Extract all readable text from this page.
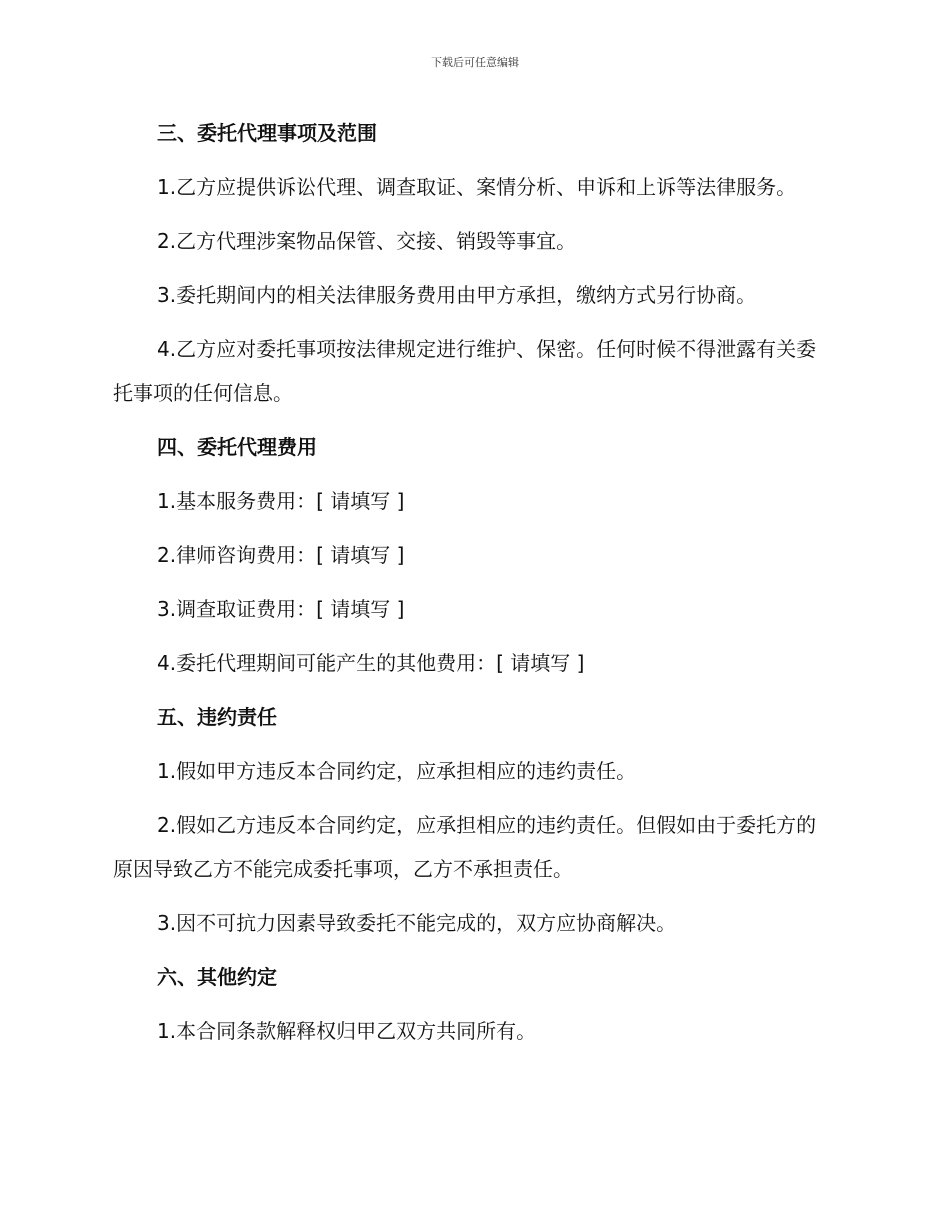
下载后可任意编辑

三、委托代理事项及范围

1.乙方应提供诉讼代理、调查取证、案情分析、申诉和上诉等法律服务。

2.乙方代理涉案物品保管、交接、销毁等事宜。

3.委托期间内的相关法律服务费用由甲方承担，缴纳方式另行协商。

4.乙方应对委托事项按法律规定进行维护、保密。任何时候不得泄露有关委托事项的任何信息。

四、委托代理费用

1.基本服务费用：[ 请填写 ]

2.律师咨询费用：[ 请填写 ]

3.调查取证费用：[ 请填写 ]

4.委托代理期间可能产生的其他费用：[ 请填写 ]

五、违约责任

1.假如甲方违反本合同约定，应承担相应的违约责任。

2.假如乙方违反本合同约定，应承担相应的违约责任。但假如由于委托方的原因导致乙方不能完成委托事项，乙方不承担责任。

3.因不可抗力因素导致委托不能完成的，双方应协商解决。

六、其他约定

1.本合同条款解释权归甲乙双方共同所有。
